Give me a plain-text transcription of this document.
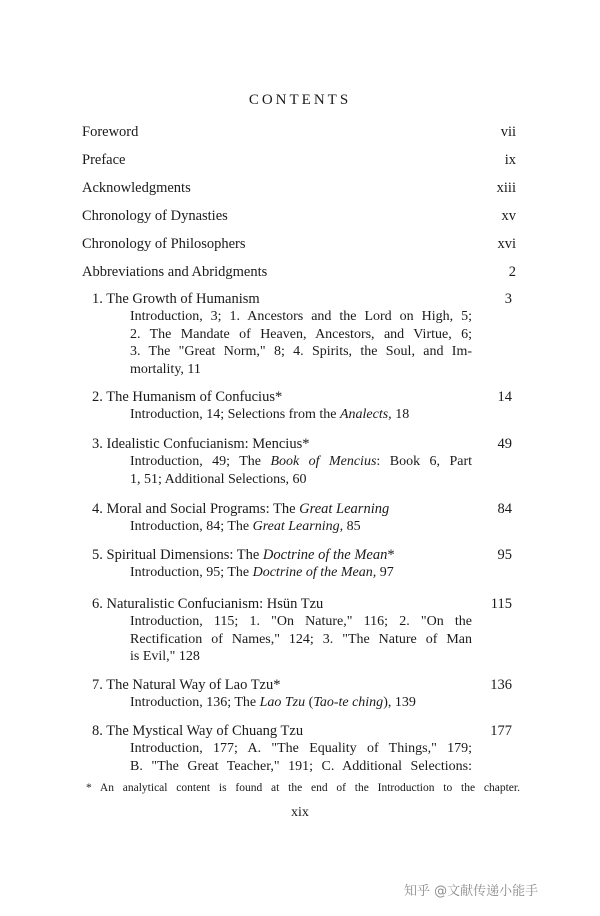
CONTENTS
Foreword	vii
Preface	ix
Acknowledgments	xiii
Chronology of Dynasties	xv
Chronology of Philosophers	xvi
Abbreviations and Abridgments	2
1. The Growth of Humanism	3
Introduction, 3; 1. Ancestors and the Lord on High, 5;
2. The Mandate of Heaven, Ancestors, and Virtue, 6;
3. The "Great Norm," 8; 4. Spirits, the Soul, and Im-
mortality, 11
2. The Humanism of Confucius*	14
Introduction, 14; Selections from the Analects, 18
3. Idealistic Confucianism: Mencius*	49
Introduction, 49; The Book of Mencius: Book 6, Part
1, 51; Additional Selections, 60
4. Moral and Social Programs: The Great Learning	84
Introduction, 84; The Great Learning, 85
5. Spiritual Dimensions: The Doctrine of the Mean*	95
Introduction, 95; The Doctrine of the Mean, 97
6. Naturalistic Confucianism: Hsün Tzu	115
Introduction, 115; 1. "On Nature," 116; 2. "On the
Rectification of Names," 124; 3. "The Nature of Man
is Evil," 128
7. The Natural Way of Lao Tzu*	136
Introduction, 136; The Lao Tzu (Tao-te ching), 139
8. The Mystical Way of Chuang Tzu	177
Introduction, 177; A. "The Equality of Things," 179;
B. "The Great Teacher," 191; C. Additional Selections:
* An analytical content is found at the end of the Introduction to the chapter.
xix
知乎 @文献传递小能手
